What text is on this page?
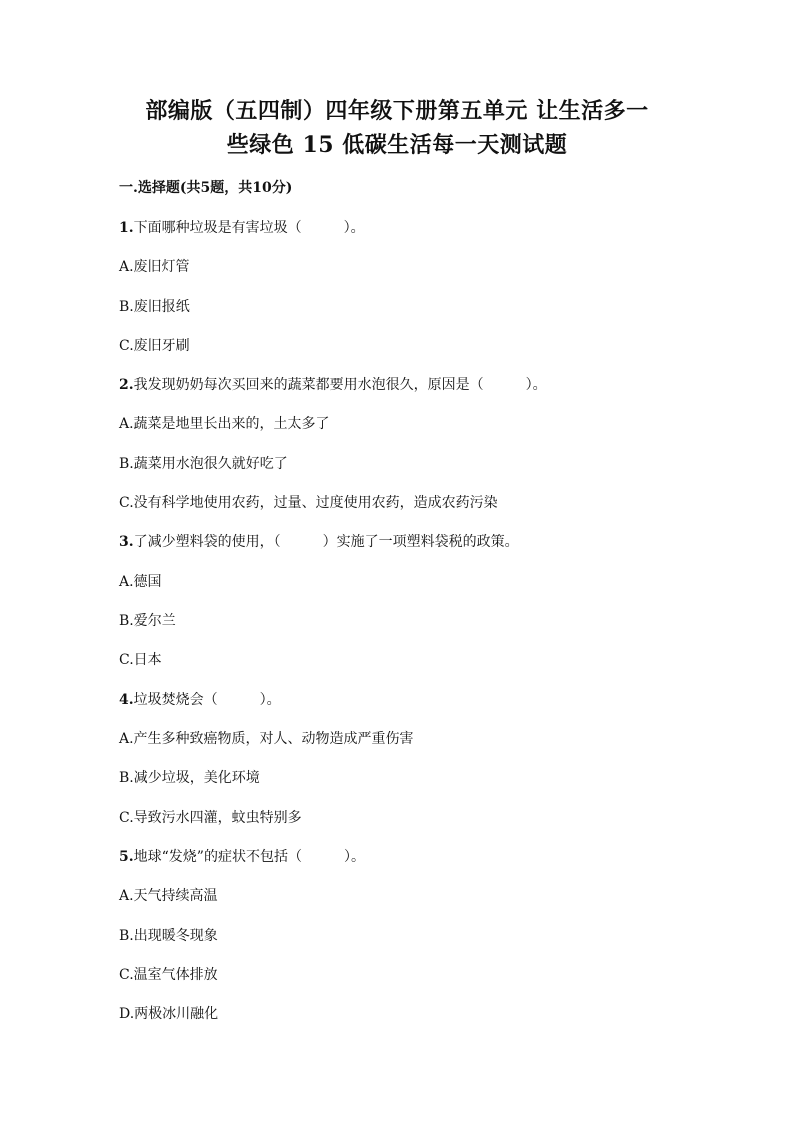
部编版（五四制）四年级下册第五单元 让生活多一
些绿色 15 低碳生活每一天测试题
一.选择题(共5题，共10分)
1.下面哪种垃圾是有害垃圾（　　　）。
A.废旧灯管
B.废旧报纸
C.废旧牙刷
2.我发现奶奶每次买回来的蔬菜都要用水泡很久，原因是（　　　）。
A.蔬菜是地里长出来的，土太多了
B.蔬菜用水泡很久就好吃了
C.没有科学地使用农药，过量、过度使用农药，造成农药污染
3.了减少塑料袋的使用，（　　　）实施了一项塑料袋税的政策。
A.德国
B.爱尔兰
C.日本
4.垃圾焚烧会（　　　）。
A.产生多种致癌物质，对人、动物造成严重伤害
B.减少垃圾，美化环境
C.导致污水四灌，蚊虫特别多
5.地球“发烧”的症状不包括（　　　）。
A.天气持续高温
B.出现暖冬现象
C.温室气体排放
D.两极冰川融化
